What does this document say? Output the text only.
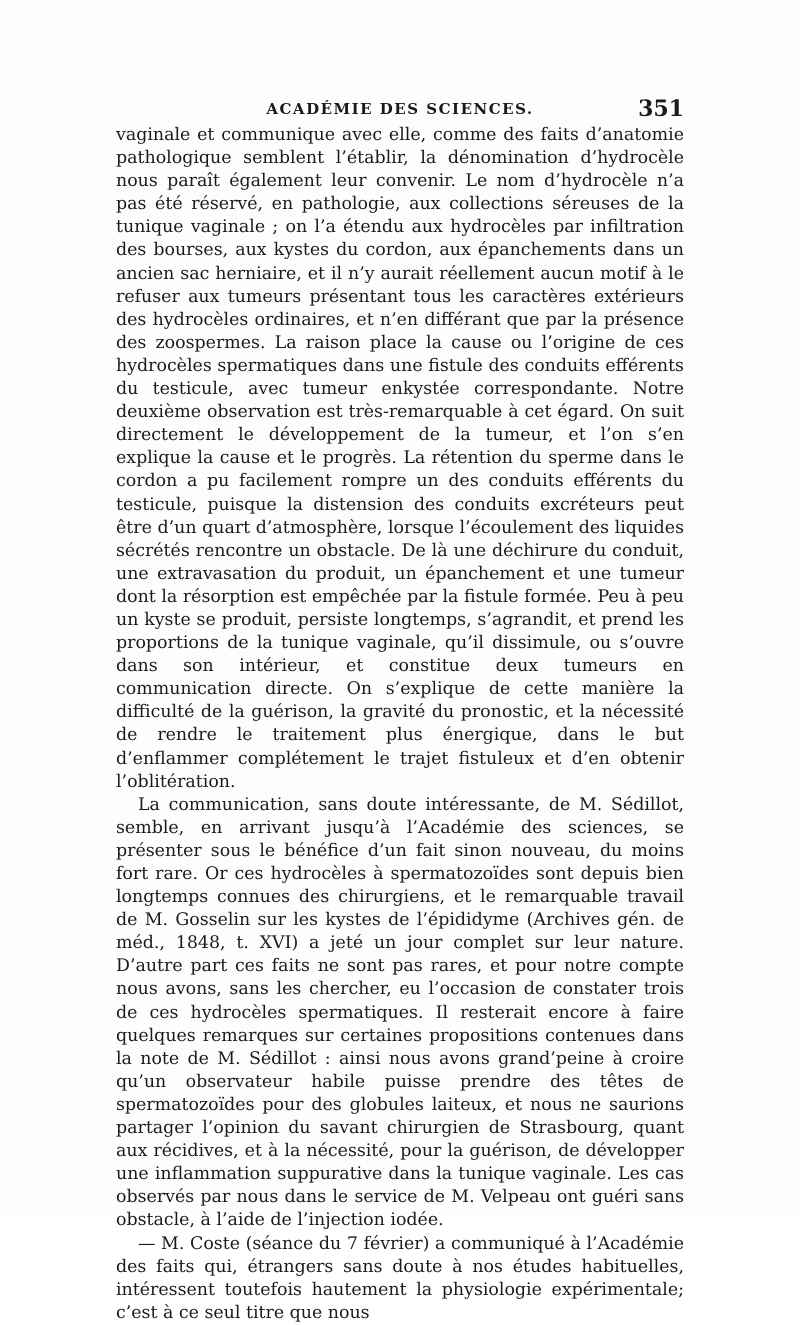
ACADÉMIE DES SCIENCES.	351

vaginale et communique avec elle, comme des faits d’anatomie pathologique semblent l’établir, la dénomination d’hydrocèle nous paraît également leur convenir. Le nom d’hydrocèle n’a pas été réservé, en pathologie, aux collections séreuses de la tunique vaginale ; on l’a étendu aux hydrocèles par infiltration des bourses, aux kystes du cordon, aux épanchements dans un ancien sac herniaire, et il n’y aurait réellement aucun motif à le refuser aux tumeurs présentant tous les caractères extérieurs des hydrocèles ordinaires, et n’en différant que par la présence des zoospermes. La raison place la cause ou l’origine de ces hydrocèles spermatiques dans une fistule des conduits efférents du testicule, avec tumeur enkystée correspondante. Notre deuxième observation est très-remarquable à cet égard. On suit directement le développement de la tumeur, et l’on s’en explique la cause et le progrès. La rétention du sperme dans le cordon a pu facilement rompre un des conduits efférents du testicule, puisque la distension des conduits excréteurs peut être d’un quart d’atmosphère, lorsque l’écoulement des liquides sécrétés rencontre un obstacle. De là une déchirure du conduit, une extravasation du produit, un épanchement et une tumeur dont la résorption est empêchée par la fistule formée. Peu à peu un kyste se produit, persiste longtemps, s’agrandit, et prend les proportions de la tunique vaginale, qu’il dissimule, ou s’ouvre dans son intérieur, et constitue deux tumeurs en communication directe. On s’explique de cette manière la difficulté de la guérison, la gravité du pronostic, et la nécessité de rendre le traitement plus énergique, dans le but d’enflammer complétement le trajet fistuleux et d’en obtenir l’oblitération.

La communication, sans doute intéressante, de M. Sédillot, semble, en arrivant jusqu’à l’Académie des sciences, se présenter sous le bénéfice d’un fait sinon nouveau, du moins fort rare. Or ces hydrocèles à spermatozoïdes sont depuis bien longtemps connues des chirurgiens, et le remarquable travail de M. Gosselin sur les kystes de l’épididyme (Archives gén. de méd., 1848, t. XVI) a jeté un jour complet sur leur nature. D’autre part ces faits ne sont pas rares, et pour notre compte nous avons, sans les chercher, eu l’occasion de constater trois de ces hydrocèles spermatiques. Il resterait encore à faire quelques remarques sur certaines propositions contenues dans la note de M. Sédillot : ainsi nous avons grand’peine à croire qu’un observateur habile puisse prendre des têtes de spermatozoïdes pour des globules laiteux, et nous ne saurions partager l’opinion du savant chirurgien de Strasbourg, quant aux récidives, et à la nécessité, pour la guérison, de développer une inflammation suppurative dans la tunique vaginale. Les cas observés par nous dans le service de M. Velpeau ont guéri sans obstacle, à l’aide de l’injection iodée.

— M. Coste (séance du 7 février) a communiqué à l’Académie des faits qui, étrangers sans doute à nos études habituelles, intéressent toutefois hautement la physiologie expérimentale; c’est à ce seul titre que nous
